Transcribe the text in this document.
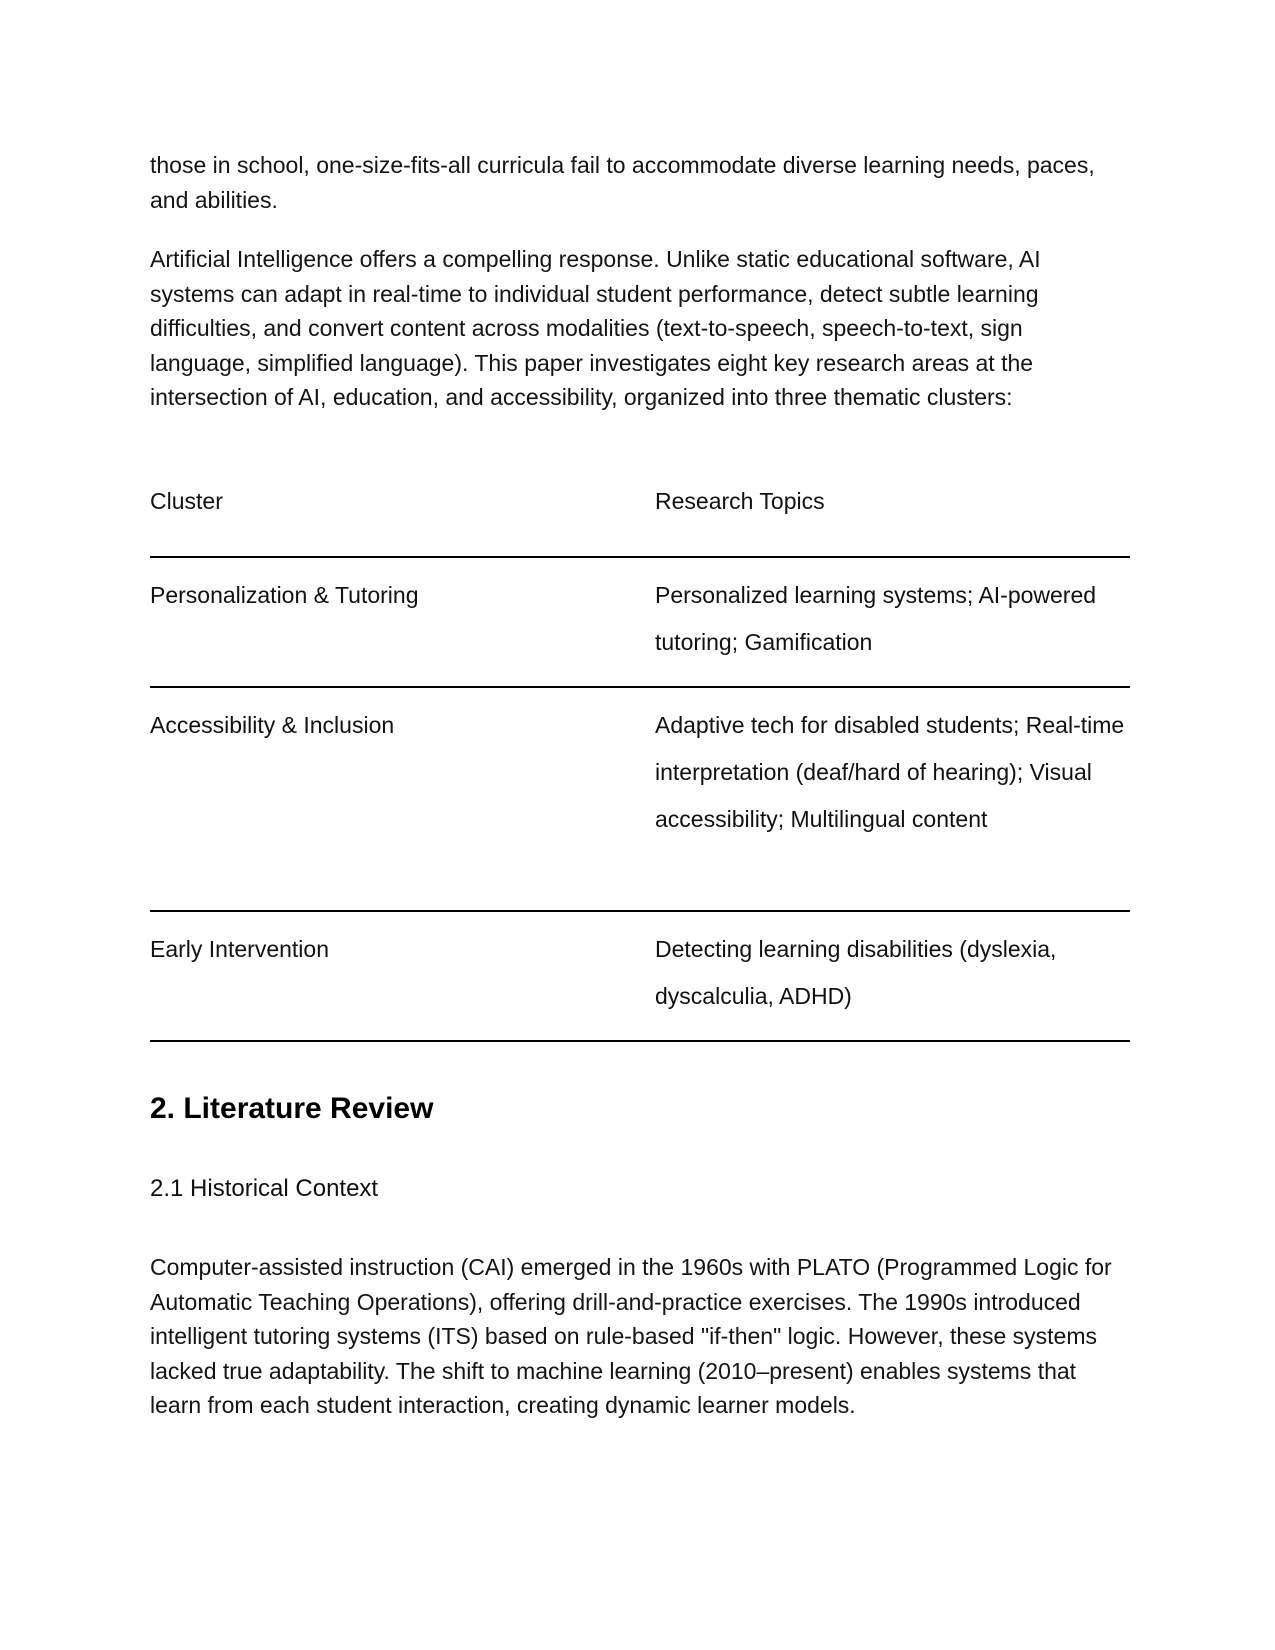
those in school, one-size-fits-all curricula fail to accommodate diverse learning needs, paces, and abilities.

Artificial Intelligence offers a compelling response. Unlike static educational software, AI systems can adapt in real-time to individual student performance, detect subtle learning difficulties, and convert content across modalities (text-to-speech, speech-to-text, sign language, simplified language). This paper investigates eight key research areas at the intersection of AI, education, and accessibility, organized into three thematic clusters:

Cluster	Research Topics
Personalization & Tutoring	Personalized learning systems; AI-powered tutoring; Gamification
Accessibility & Inclusion	Adaptive tech for disabled students; Real-time interpretation (deaf/hard of hearing); Visual accessibility; Multilingual content
Early Intervention	Detecting learning disabilities (dyslexia, dyscalculia, ADHD)
2. Literature Review
2.1 Historical Context

Computer-assisted instruction (CAI) emerged in the 1960s with PLATO (Programmed Logic for Automatic Teaching Operations), offering drill-and-practice exercises. The 1990s introduced intelligent tutoring systems (ITS) based on rule-based "if-then" logic. However, these systems lacked true adaptability. The shift to machine learning (2010–present) enables systems that learn from each student interaction, creating dynamic learner models.
